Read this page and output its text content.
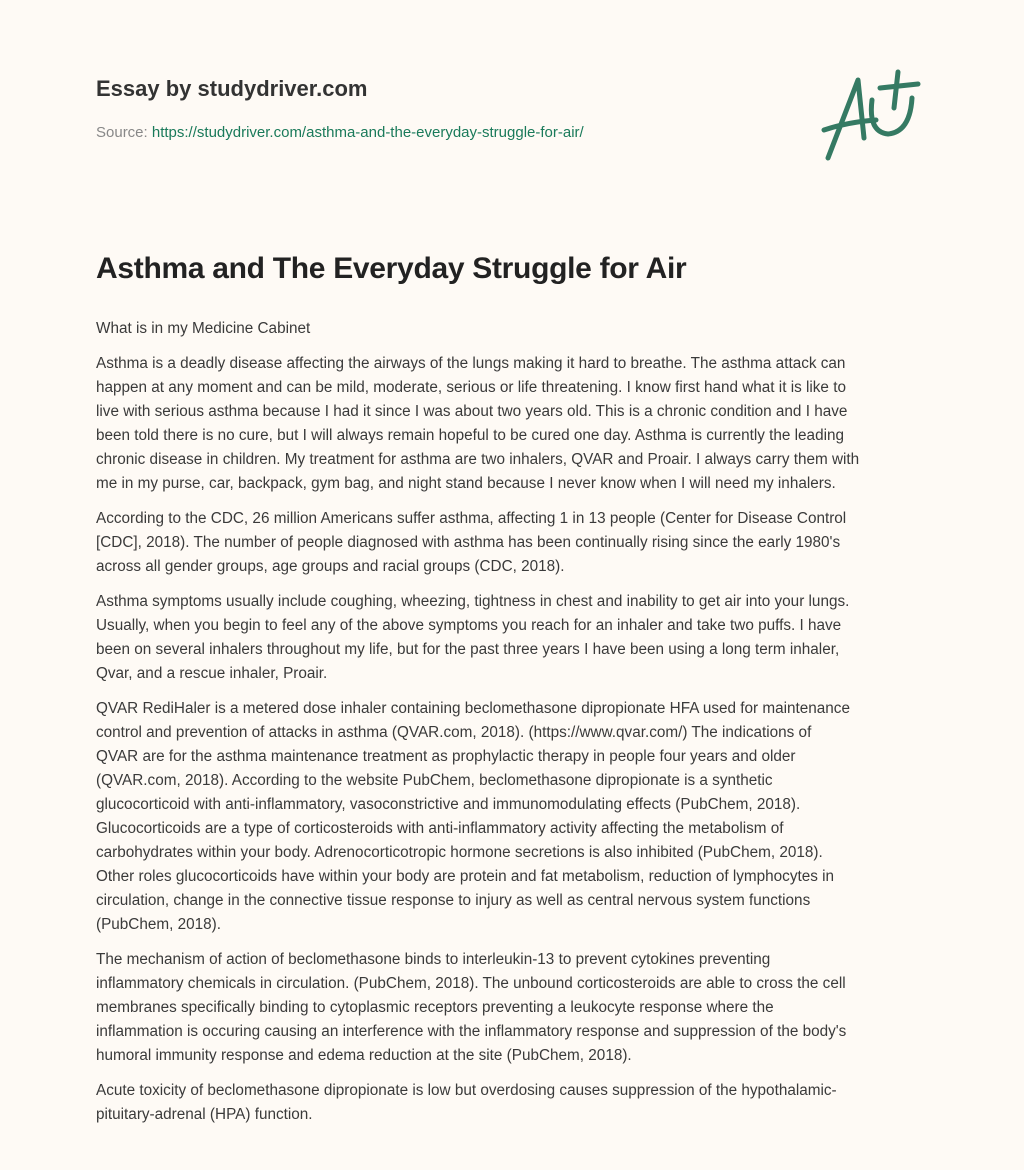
Essay by studydriver.com
Source: https://studydriver.com/asthma-and-the-everyday-struggle-for-air/
Asthma and The Everyday Struggle for Air

What is in my Medicine Cabinet

Asthma is a deadly disease affecting the airways of the lungs making it hard to breathe. The asthma attack can
happen at any moment and can be mild, moderate, serious or life threatening. I know first hand what it is like to
live with serious asthma because I had it since I was about two years old. This is a chronic condition and I have
been told there is no cure, but I will always remain hopeful to be cured one day. Asthma is currently the leading
chronic disease in children. My treatment for asthma are two inhalers, QVAR and Proair. I always carry them with
me in my purse, car, backpack, gym bag, and night stand because I never know when I will need my inhalers.

According to the CDC, 26 million Americans suffer asthma, affecting 1 in 13 people (Center for Disease Control
[CDC], 2018). The number of people diagnosed with asthma has been continually rising since the early 1980's
across all gender groups, age groups and racial groups (CDC, 2018).

Asthma symptoms usually include coughing, wheezing, tightness in chest and inability to get air into your lungs.
Usually, when you begin to feel any of the above symptoms you reach for an inhaler and take two puffs. I have
been on several inhalers throughout my life, but for the past three years I have been using a long term inhaler,
Qvar, and a rescue inhaler, Proair.

QVAR RediHaler is a metered dose inhaler containing beclomethasone dipropionate HFA used for maintenance
control and prevention of attacks in asthma (QVAR.com, 2018). (https://www.qvar.com/) The indications of
QVAR are for the asthma maintenance treatment as prophylactic therapy in people four years and older
(QVAR.com, 2018). According to the website PubChem, beclomethasone dipropionate is a synthetic
glucocorticoid with anti-inflammatory, vasoconstrictive and immunomodulating effects (PubChem, 2018).
Glucocorticoids are a type of corticosteroids with anti-inflammatory activity affecting the metabolism of
carbohydrates within your body. Adrenocorticotropic hormone secretions is also inhibited (PubChem, 2018).
Other roles glucocorticoids have within your body are protein and fat metabolism, reduction of lymphocytes in
circulation, change in the connective tissue response to injury as well as central nervous system functions
(PubChem, 2018).

The mechanism of action of beclomethasone binds to interleukin-13 to prevent cytokines preventing
inflammatory chemicals in circulation. (PubChem, 2018). The unbound corticosteroids are able to cross the cell
membranes specifically binding to cytoplasmic receptors preventing a leukocyte response where the
inflammation is occuring causing an interference with the inflammatory response and suppression of the body's
humoral immunity response and edema reduction at the site (PubChem, 2018).

Acute toxicity of beclomethasone dipropionate is low but overdosing causes suppression of the hypothalamic-
pituitary-adrenal (HPA) function.
